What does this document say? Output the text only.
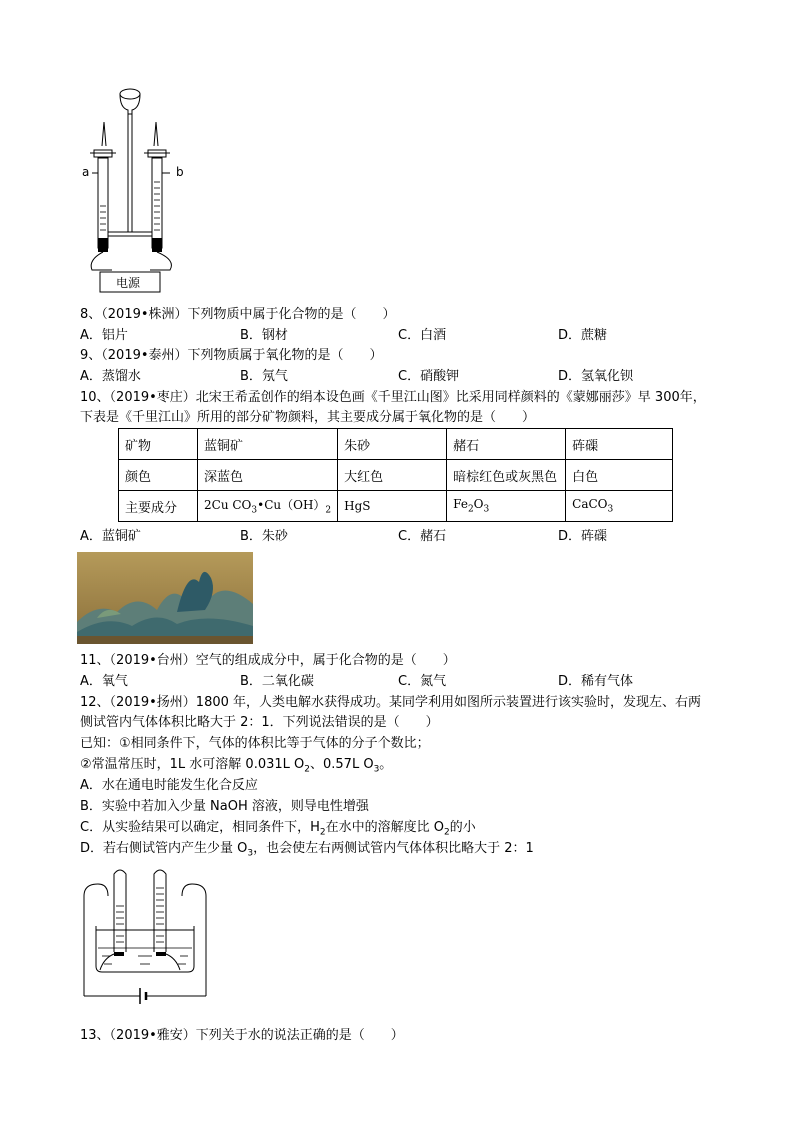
a	b
电源
8、（2019•株洲）下列物质中属于化合物的是（　　）
A．铝片	B．钢材	C．白酒	D．蔗糖
9、（2019•泰州）下列物质属于氧化物的是（　　）
A．蒸馏水	B．氖气	C．硝酸钾	D．氢氧化钡
10、（2019•枣庄）北宋王希孟创作的绢本设色画《千里江山图》比采用同样颜料的《蒙娜丽莎》早 300年，
下表是《千里江山》所用的部分矿物颜料，其主要成分属于氧化物的是（　　）
矿物	蓝铜矿	朱砂	赭石	砗磲
颜色	深蓝色	大红色	暗棕红色或灰黑色	白色
主要成分	2Cu $CO_3•Cu(OH)_2$	HgS	$Fe_2O_3$	CaCO$_3$
A．蓝铜矿	B．朱砂	C．赭石	D．砗磲
11、（2019•台州）空气的组成成分中，属于化合物的是（　　）
A．氧气	B．二氧化碳	C．氮气	D．稀有气体
12、（2019•扬州）1800 年，人类电解水获得成功。某同学利用如图所示装置进行该实验时，发现左、右两
侧试管内气体体积比略大于 2：1．下列说法错误的是（　　）
已知：①相同条件下，气体的体积比等于气体的分子个数比；
②常温常压时，1L 水可溶解 0.031L $O_2$、0.57L $O_3$。
A．水在通电时能发生化合反应
B．实验中若加入少量 NaOH 溶液，则导电性增强
C．从实验结果可以确定，相同条件下，$H_2$在水中的溶解度比 $O_2$的小
D．若右侧试管内产生少量 $O_3$，也会使左右两侧试管内气体体积比略大于 2：1
13、（2019•雅安）下列关于水的说法正确的是（　　）
